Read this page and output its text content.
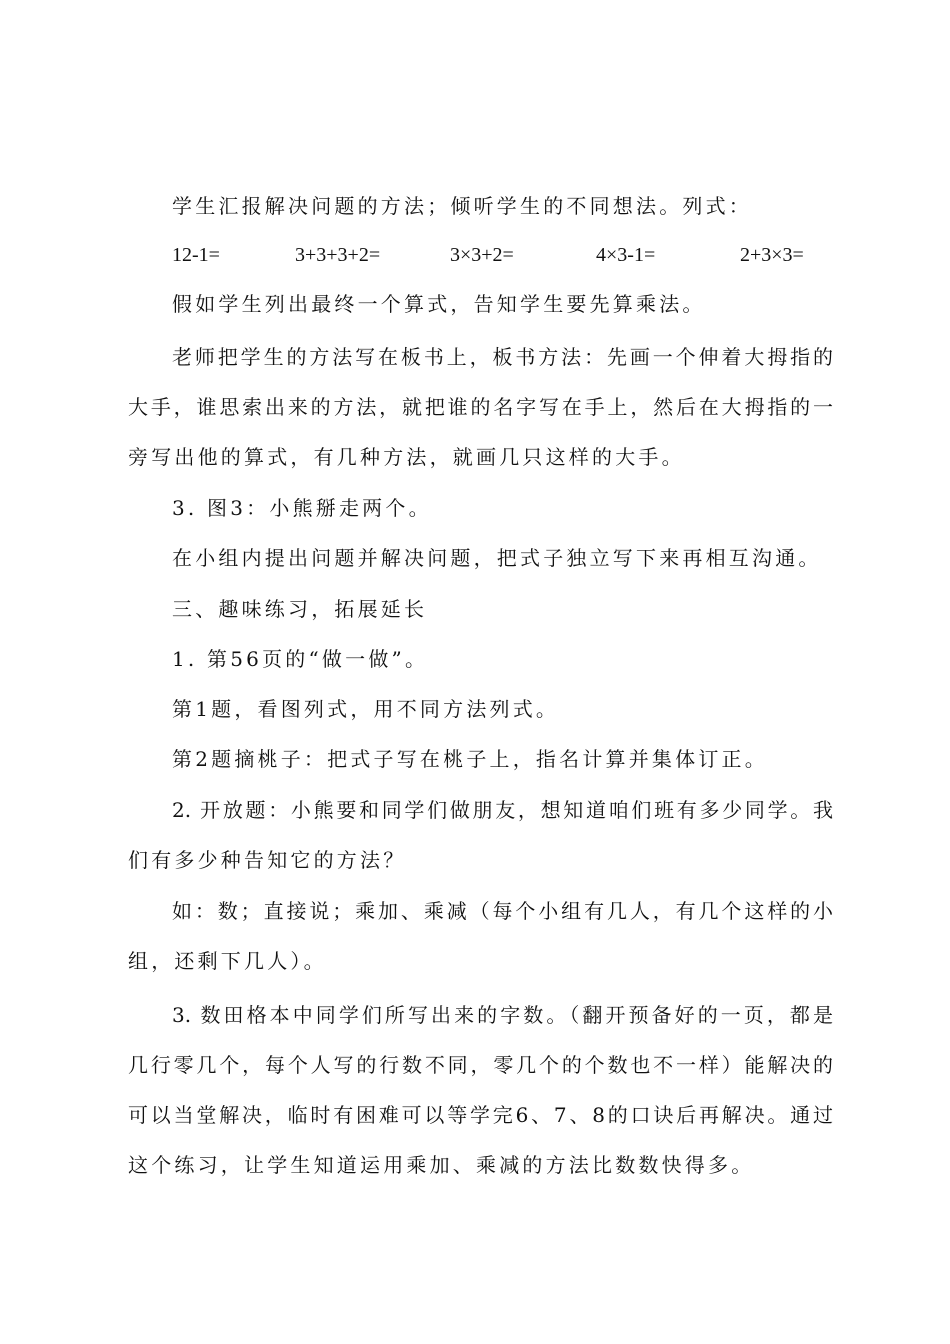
学生汇报解决问题的方法；倾听学生的不同想法。列式：
12-1=	3+3+3+2=	3×3+2=	4×3-1=	2+3×3=
假如学生列出最终一个算式，告知学生要先算乘法。
老师把学生的方法写在板书上，板书方法：先画一个伸着大拇指的
大手，谁思索出来的方法，就把谁的名字写在手上，然后在大拇指的一
旁写出他的算式，有几种方法，就画几只这样的大手。
3. 图3：小熊掰走两个。
在小组内提出问题并解决问题，把式子独立写下来再相互沟通。
三、趣味练习，拓展延长
1. 第56页的“做一做”。
第1题，看图列式，用不同方法列式。
第2题摘桃子：把式子写在桃子上，指名计算并集体订正。
2. 开放题：小熊要和同学们做朋友，想知道咱们班有多少同学。我
们有多少种告知它的方法？
如：数；直接说；乘加、乘减（每个小组有几人，有几个这样的小
组，还剩下几人）。
3. 数田格本中同学们所写出来的字数。（翻开预备好的一页，都是
几行零几个，每个人写的行数不同，零几个的个数也不一样）能解决的
可以当堂解决，临时有困难可以等学完6、7、8的口诀后再解决。通过
这个练习，让学生知道运用乘加、乘减的方法比数数快得多。
